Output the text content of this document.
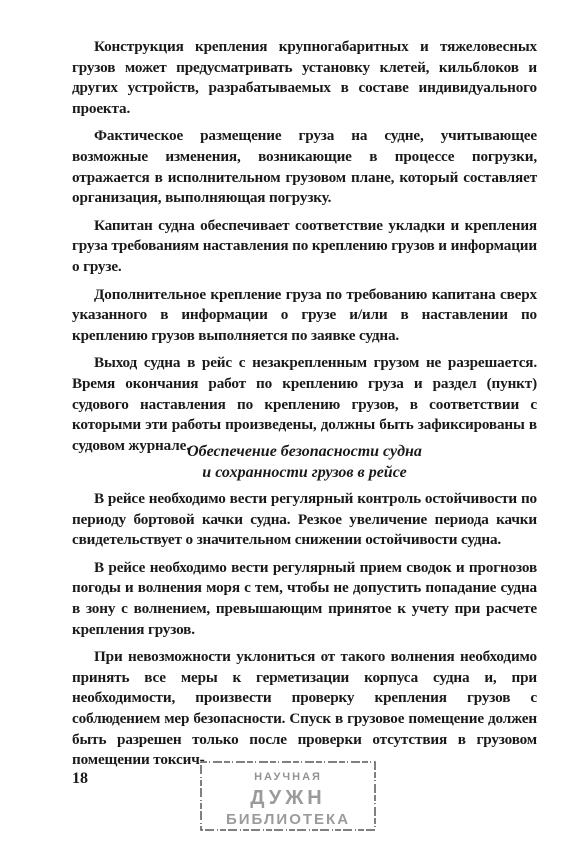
Конструкция крепления крупногабаритных и тяжеловесных грузов может предусматривать установку клетей, кильблоков и других устройств, разрабатываемых в составе индивидуального проекта.

Фактическое размещение груза на судне, учитывающее возможные изменения, возникающие в процессе погрузки, отражается в исполнительном грузовом плане, который составляет организация, выполняющая погрузку.

Капитан судна обеспечивает соответствие укладки и крепления груза требованиям наставления по креплению грузов и информации о грузе.

Дополнительное крепление груза по требованию капитана сверх указанного в информации о грузе и/или в наставлении по креплению грузов выполняется по заявке судна.

Выход судна в рейс с незакрепленным грузом не разрешается. Время окончания работ по креплению груза и раздел (пункт) судового наставления по креплению грузов, в соответствии с которыми эти работы произведены, должны быть зафиксированы в судовом журнале.

Обеспечение безопасности судна
и сохранности грузов в рейсе

В рейсе необходимо вести регулярный контроль остойчивости по периоду бортовой качки судна. Резкое увеличение периода качки свидетельствует о значительном снижении остойчивости судна.

В рейсе необходимо вести регулярный прием сводок и прогнозов погоды и волнения моря с тем, чтобы не допустить попадание судна в зону с волнением, превышающим принятое к учету при расчете крепления грузов.

При невозможности уклониться от такого волнения необходимо принять все меры к герметизации корпуса судна и, при необходимости, произвести проверку крепления грузов с соблюдением мер безопасности. Спуск в грузовое помещение должен быть разрешен только после проверки отсутствия в грузовом помещении токсич-

18	НАУЧНАЯ
ДУЖН
БИБЛИОТЕКА
